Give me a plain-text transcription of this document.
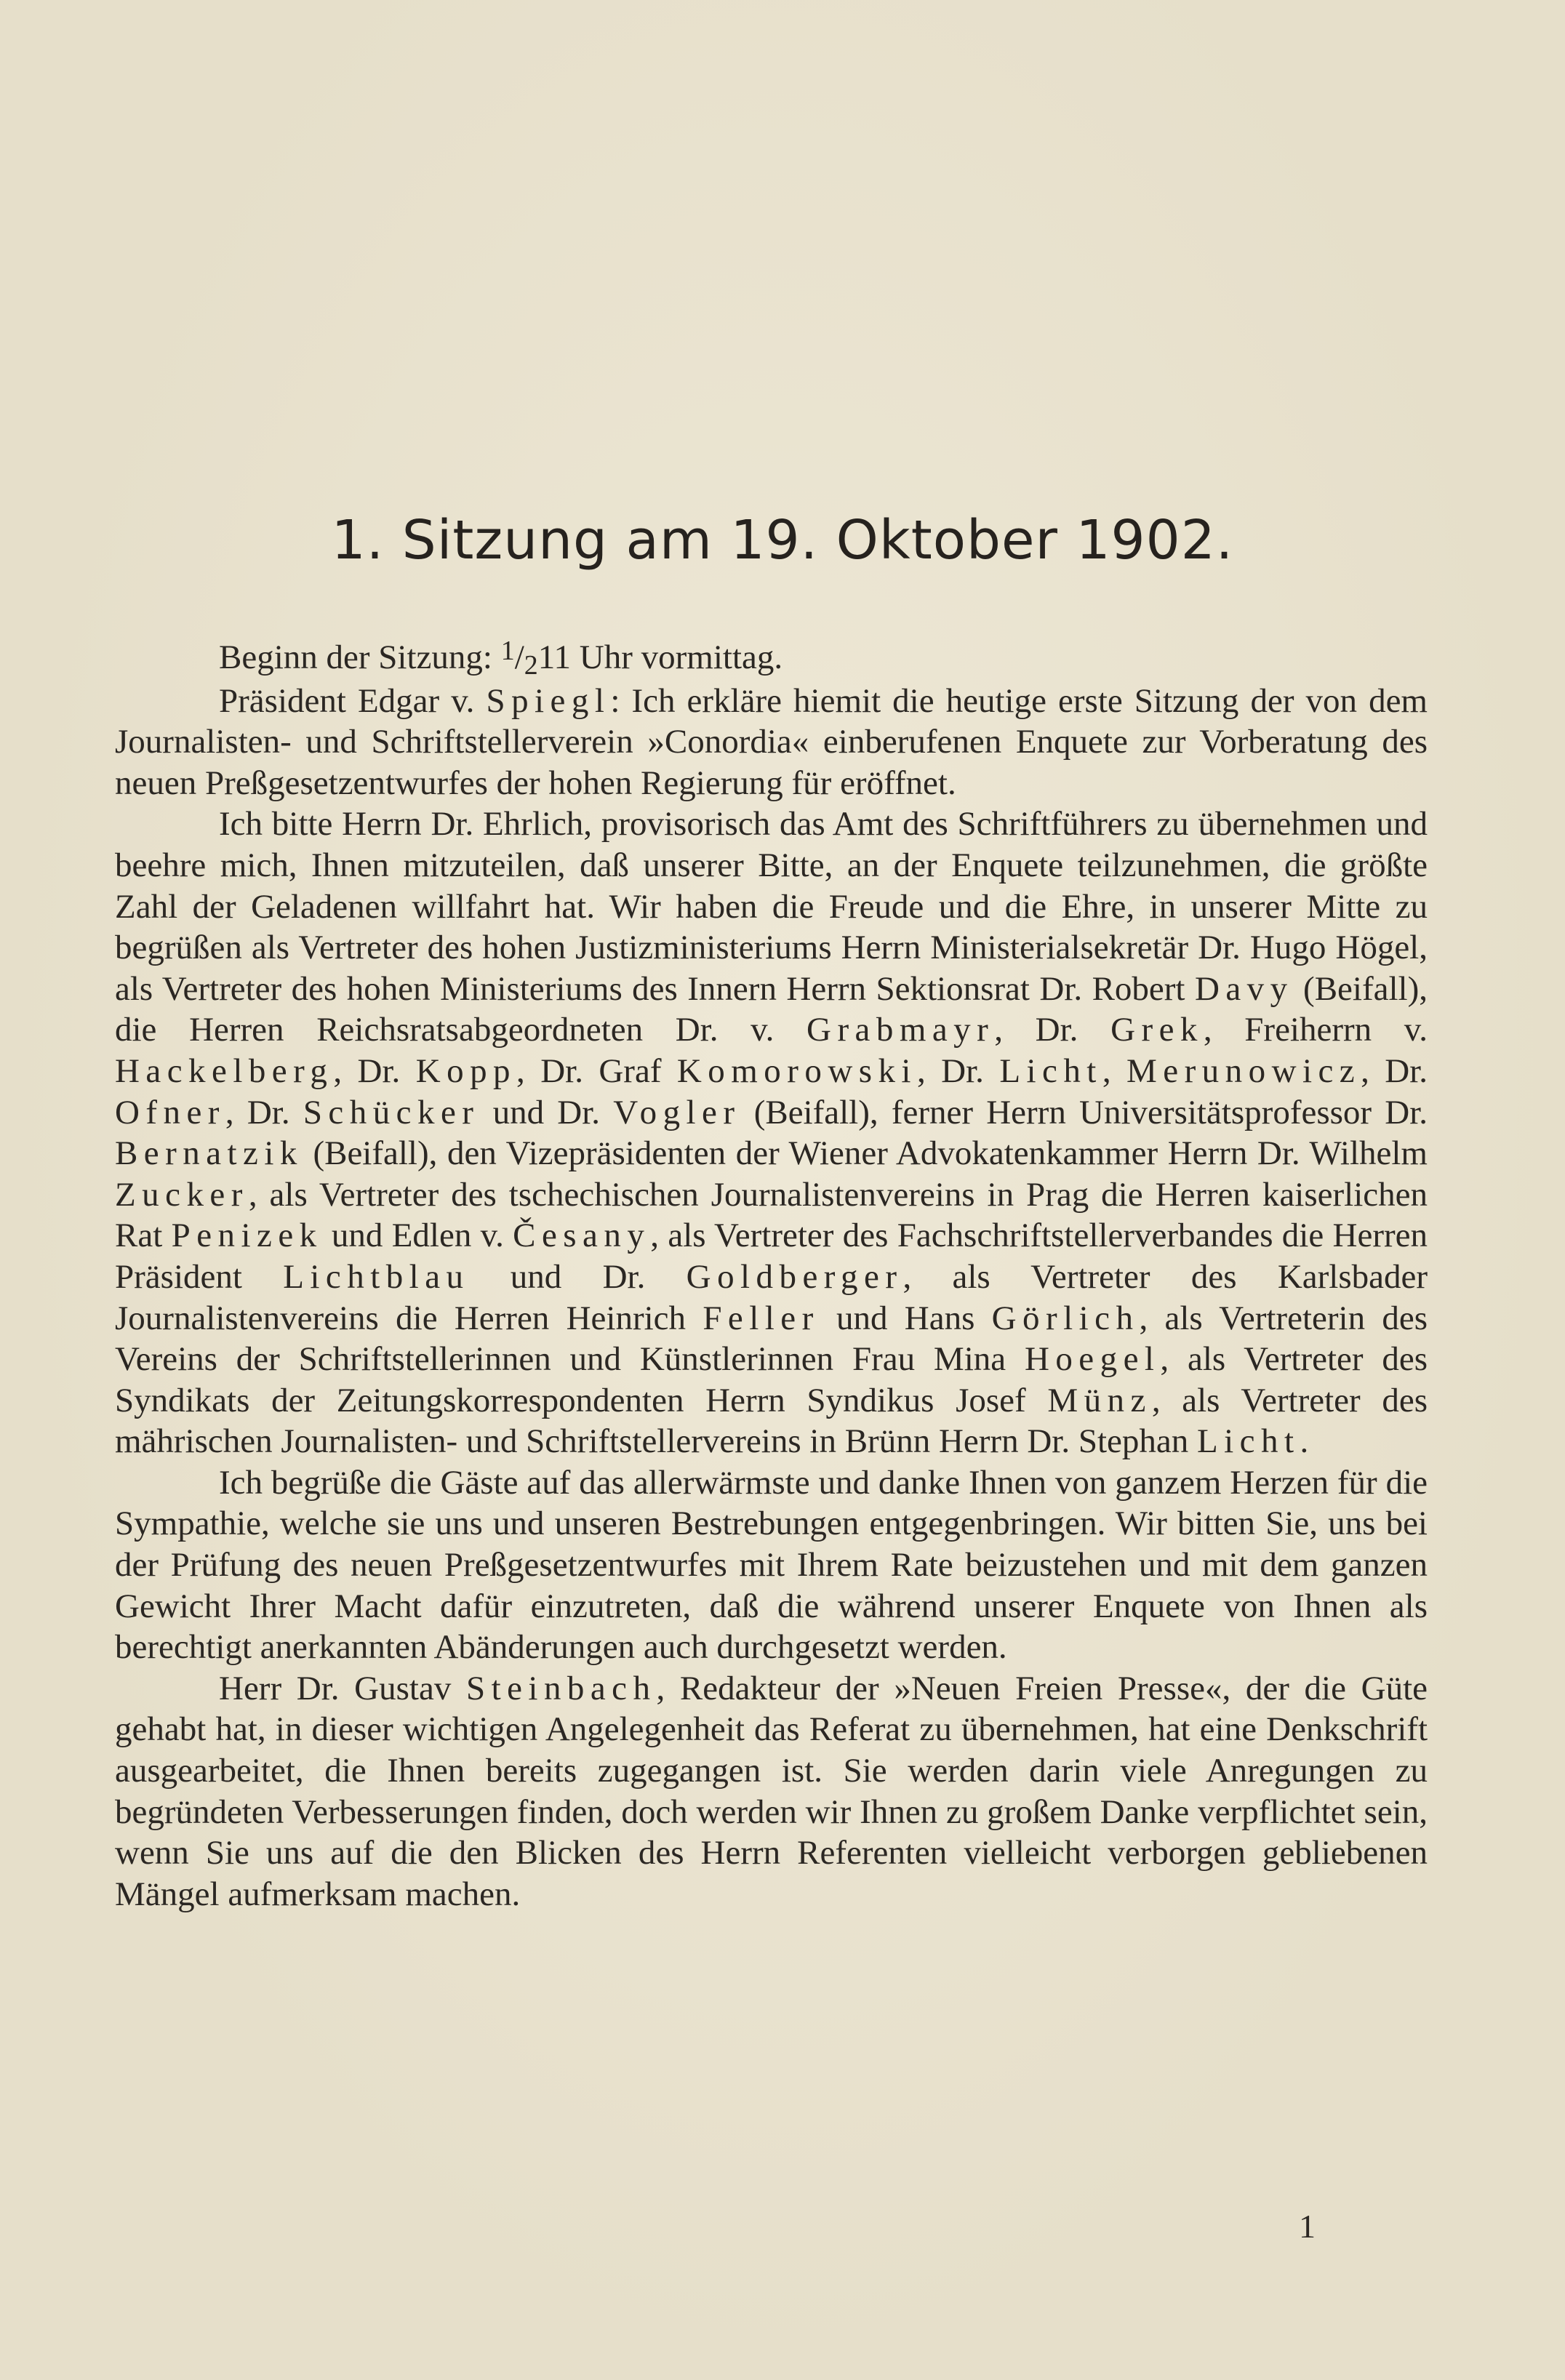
1. Sitzung am 19. Oktober 1902.

Beginn der Sitzung: $^1$/211 Uhr vormittag.

Präsident Edgar v. Spiegl: Ich erkläre hiemit die heutige erste Sitzung der von dem Journalisten- und Schriftstellerverein »Conordia« einberufenen Enquete zur Vorberatung des neuen Preßgesetzentwurfes der hohen Regierung für eröffnet.

Ich bitte Herrn Dr. Ehrlich, provisorisch das Amt des Schriftführers zu übernehmen und beehre mich, Ihnen mitzuteilen, daß unserer Bitte, an der Enquete teilzunehmen, die größte Zahl der Geladenen willfahrt hat. Wir haben die Freude und die Ehre, in unserer Mitte zu begrüßen als Vertreter des hohen Justizministeriums Herrn Ministerialsekretär Dr. Hugo Högel, als Vertreter des hohen Ministeriums des Innern Herrn Sektionsrat Dr. Robert Davy (Beifall), die Herren Reichsratsabgeordneten Dr. v. Grabmayr, Dr. Grek, Freiherrn v. Hackelberg, Dr. Kopp, Dr. Graf Komorowski, Dr. Licht, Merunowicz, Dr. Ofner, Dr. Schücker und Dr. Vogler (Beifall), ferner Herrn Universitätsprofessor Dr. Bernatzik (Beifall), den Vizepräsidenten der Wiener Advokatenkammer Herrn Dr. Wilhelm Zucker, als Vertreter des tschechischen Journalistenvereins in Prag die Herren kaiserlichen Rat Penizek und Edlen v. Česany, als Vertreter des Fachschriftstellerverbandes die Herren Präsident Lichtblau und Dr. Goldberger, als Vertreter des Karlsbader Journalistenvereins die Herren Heinrich Feller und Hans Görlich, als Vertreterin des Vereins der Schriftstellerinnen und Künstlerinnen Frau Mina Hoegel, als Vertreter des Syndikats der Zeitungskorrespondenten Herrn Syndikus Josef Münz, als Vertreter des mährischen Journalisten- und Schriftstellervereins in Brünn Herrn Dr. Stephan Licht.

Ich begrüße die Gäste auf das allerwärmste und danke Ihnen von ganzem Herzen für die Sympathie, welche sie uns und unseren Bestrebungen entgegenbringen. Wir bitten Sie, uns bei der Prüfung des neuen Preßgesetzentwurfes mit Ihrem Rate beizustehen und mit dem ganzen Gewicht Ihrer Macht dafür einzutreten, daß die während unserer Enquete von Ihnen als berechtigt anerkannten Abänderungen auch durchgesetzt werden.

Herr Dr. Gustav Steinbach, Redakteur der »Neuen Freien Presse«, der die Güte gehabt hat, in dieser wichtigen Angelegenheit das Referat zu übernehmen, hat eine Denkschrift ausgearbeitet, die Ihnen bereits zugegangen ist. Sie werden darin viele Anregungen zu begründeten Verbesserungen finden, doch werden wir Ihnen zu großem Danke verpflichtet sein, wenn Sie uns auf die den Blicken des Herrn Referenten vielleicht verborgen gebliebenen Mängel aufmerksam machen.

1
